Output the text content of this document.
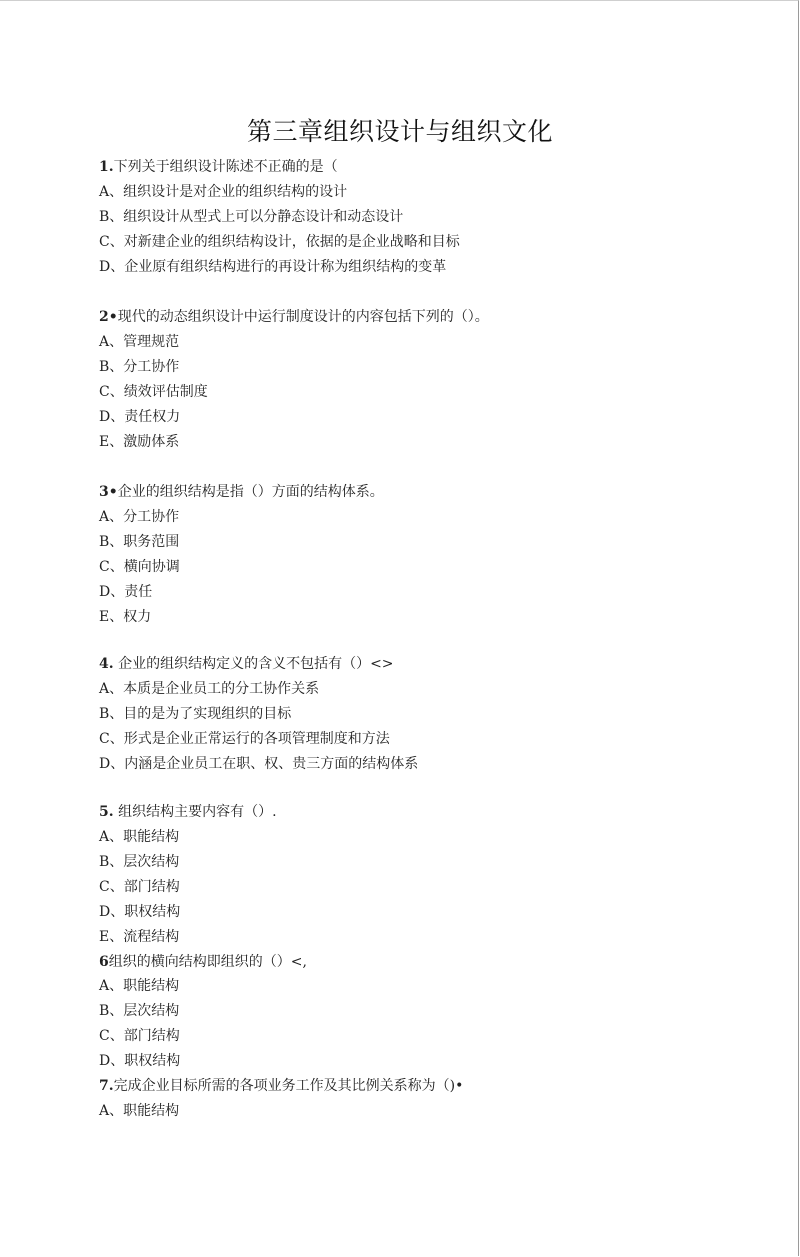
第三章组织设计与组织文化
1.下列关于组织设计陈述不正确的是（
A、组织设计是对企业的组织结构的设计
B、组织设计从型式上可以分静态设计和动态设计
C、对新建企业的组织结构设计，依据的是企业战略和目标
D、企业原有组织结构进行的再设计称为组织结构的变革
2•现代的动态组织设计中运行制度设计的内容包括下列的（）。
A、管理规范
B、分工协作
C、绩效评估制度
D、责任权力
E、激励体系
3•企业的组织结构是指（）方面的结构体系。
A、分工协作
B、职务范围
C、横向协调
D、责任
E、权力
4. 企业的组织结构定义的含义不包括有（）<>
A、本质是企业员工的分工协作关系
B、目的是为了实现组织的目标
C、形式是企业正常运行的各项管理制度和方法
D、内涵是企业员工在职、权、贵三方面的结构体系
5. 组织结构主要内容有（）.
A、职能结构
B、层次结构
C、部门结构
D、职权结构
E、流程结构
6组织的横向结构即组织的（）<,
A、职能结构
B、层次结构
C、部门结构
D、职权结构
7.完成企业目标所需的各项业务工作及其比例关系称为（)•
A、职能结构
